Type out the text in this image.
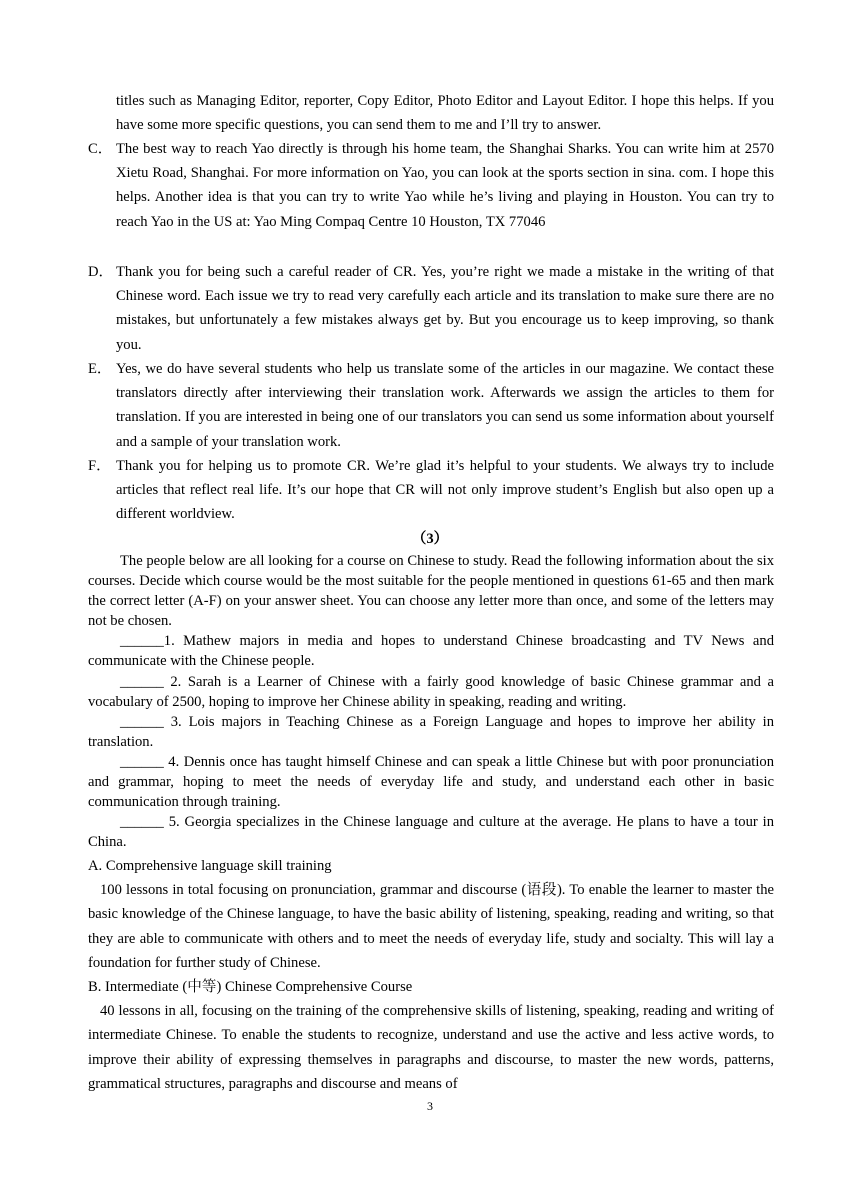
titles such as Managing Editor, reporter, Copy Editor, Photo Editor and Layout Editor. I hope this helps. If you have some more specific questions, you can send them to me and I’ll try to answer.
C． The best way to reach Yao directly is through his home team, the Shanghai Sharks. You can write him at 2570 Xietu Road, Shanghai. For more information on Yao, you can look at the sports section in sina. com. I hope this helps. Another idea is that you can try to write Yao while he’s living and playing in Houston. You can try to reach Yao in the US at: Yao Ming Compaq Centre 10 Houston, TX 77046
D． Thank you for being such a careful reader of CR. Yes, you’re right we made a mistake in the writing of that Chinese word. Each issue we try to read very carefully each article and its translation to make sure there are no mistakes, but unfortunately a few mistakes always get by. But you encourage us to keep improving, so thank you.
E． Yes, we do have several students who help us translate some of the articles in our magazine. We contact these translators directly after interviewing their translation work. Afterwards we assign the articles to them for translation. If you are interested in being one of our translators you can send us some information about yourself and a sample of your translation work.
F． Thank you for helping us to promote CR. We’re glad it’s helpful to your students. We always try to include articles that reflect real life. It’s our hope that CR will not only improve student’s English but also open up a different worldview.
（3）

The people below are all looking for a course on Chinese to study. Read the following information about the six courses. Decide which course would be the most suitable for the people mentioned in questions 61-65 and then mark the correct letter (A-F) on your answer sheet. You can choose any letter more than once, and some of the letters may not be chosen.

______1. Mathew majors in media and hopes to understand Chinese broadcasting and TV News and communicate with the Chinese people.

______ 2. Sarah is a Learner of Chinese with a fairly good knowledge of basic Chinese grammar and a vocabulary of 2500, hoping to improve her Chinese ability in speaking, reading and writing.

______ 3. Lois majors in Teaching Chinese as a Foreign Language and hopes to improve her ability in translation.

______ 4. Dennis once has taught himself Chinese and can speak a little Chinese but with poor pronunciation and grammar, hoping to meet the needs of everyday life and study, and understand each other in basic communication through training.

______ 5. Georgia specializes in the Chinese language and culture at the average. He plans to have a tour in China.

A. Comprehensive language skill training

100 lessons in total focusing on pronunciation, grammar and discourse (语段). To enable the learner to master the basic knowledge of the Chinese language, to have the basic ability of listening, speaking, reading and writing, so that they are able to communicate with others and to meet the needs of everyday life, study and socialty. This will lay a foundation for further study of Chinese.

B. Intermediate (中等) Chinese Comprehensive Course

40 lessons in all, focusing on the training of the comprehensive skills of listening, speaking, reading and writing of intermediate Chinese. To enable the students to recognize, understand and use the active and less active words, to improve their ability of expressing themselves in paragraphs and discourse, to master the new words, patterns, grammatical structures, paragraphs and discourse and means of

3
